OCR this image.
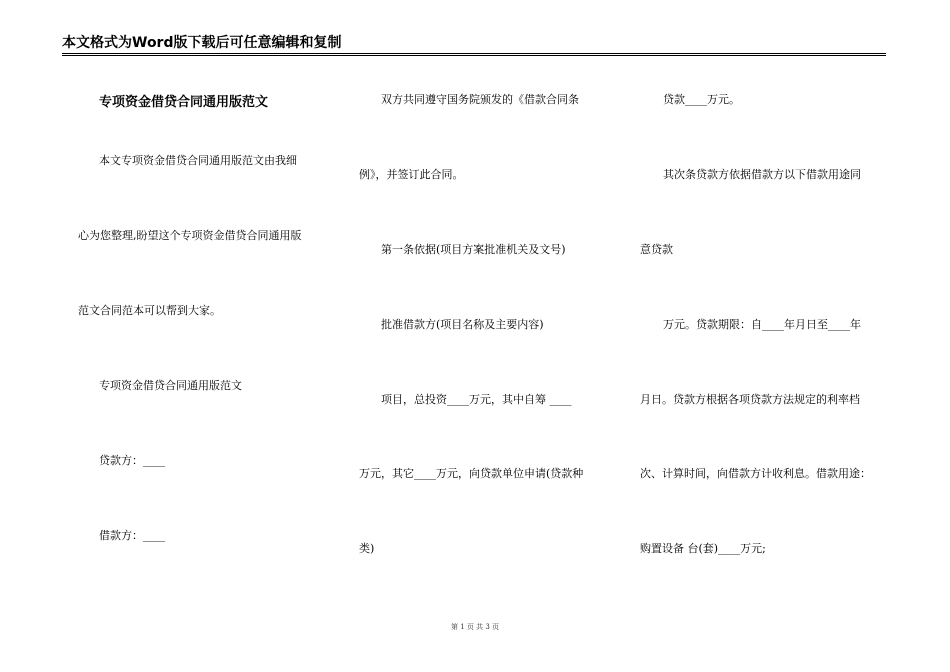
本文格式为Word版下载后可任意编辑和复制
专项资金借贷合同通用版范文
本文专项资金借贷合同通用版范文由我细
心为您整理,盼望这个专项资金借贷合同通用版
范文合同范本可以帮到大家。
专项资金借贷合同通用版范文
贷款方：____
借款方：____
双方共同遵守国务院颁发的《借款合同条
例》，并签订此合同。
第一条依据(项目方案批准机关及文号)
批准借款方(项目名称及主要内容)
项目，总投资____万元，其中自筹 ____
万元，其它____万元，向贷款单位申请(贷款种
类)
贷款____万元。
其次条贷款方依据借款方以下借款用途同
意贷款
万元。贷款期限：自____年月日至____年
月日。贷款方根据各项贷款方法规定的利率档
次、计算时间，向借款方计收利息。借款用途：
购置设备 台(套)____万元;
第 1 页 共 3 页
